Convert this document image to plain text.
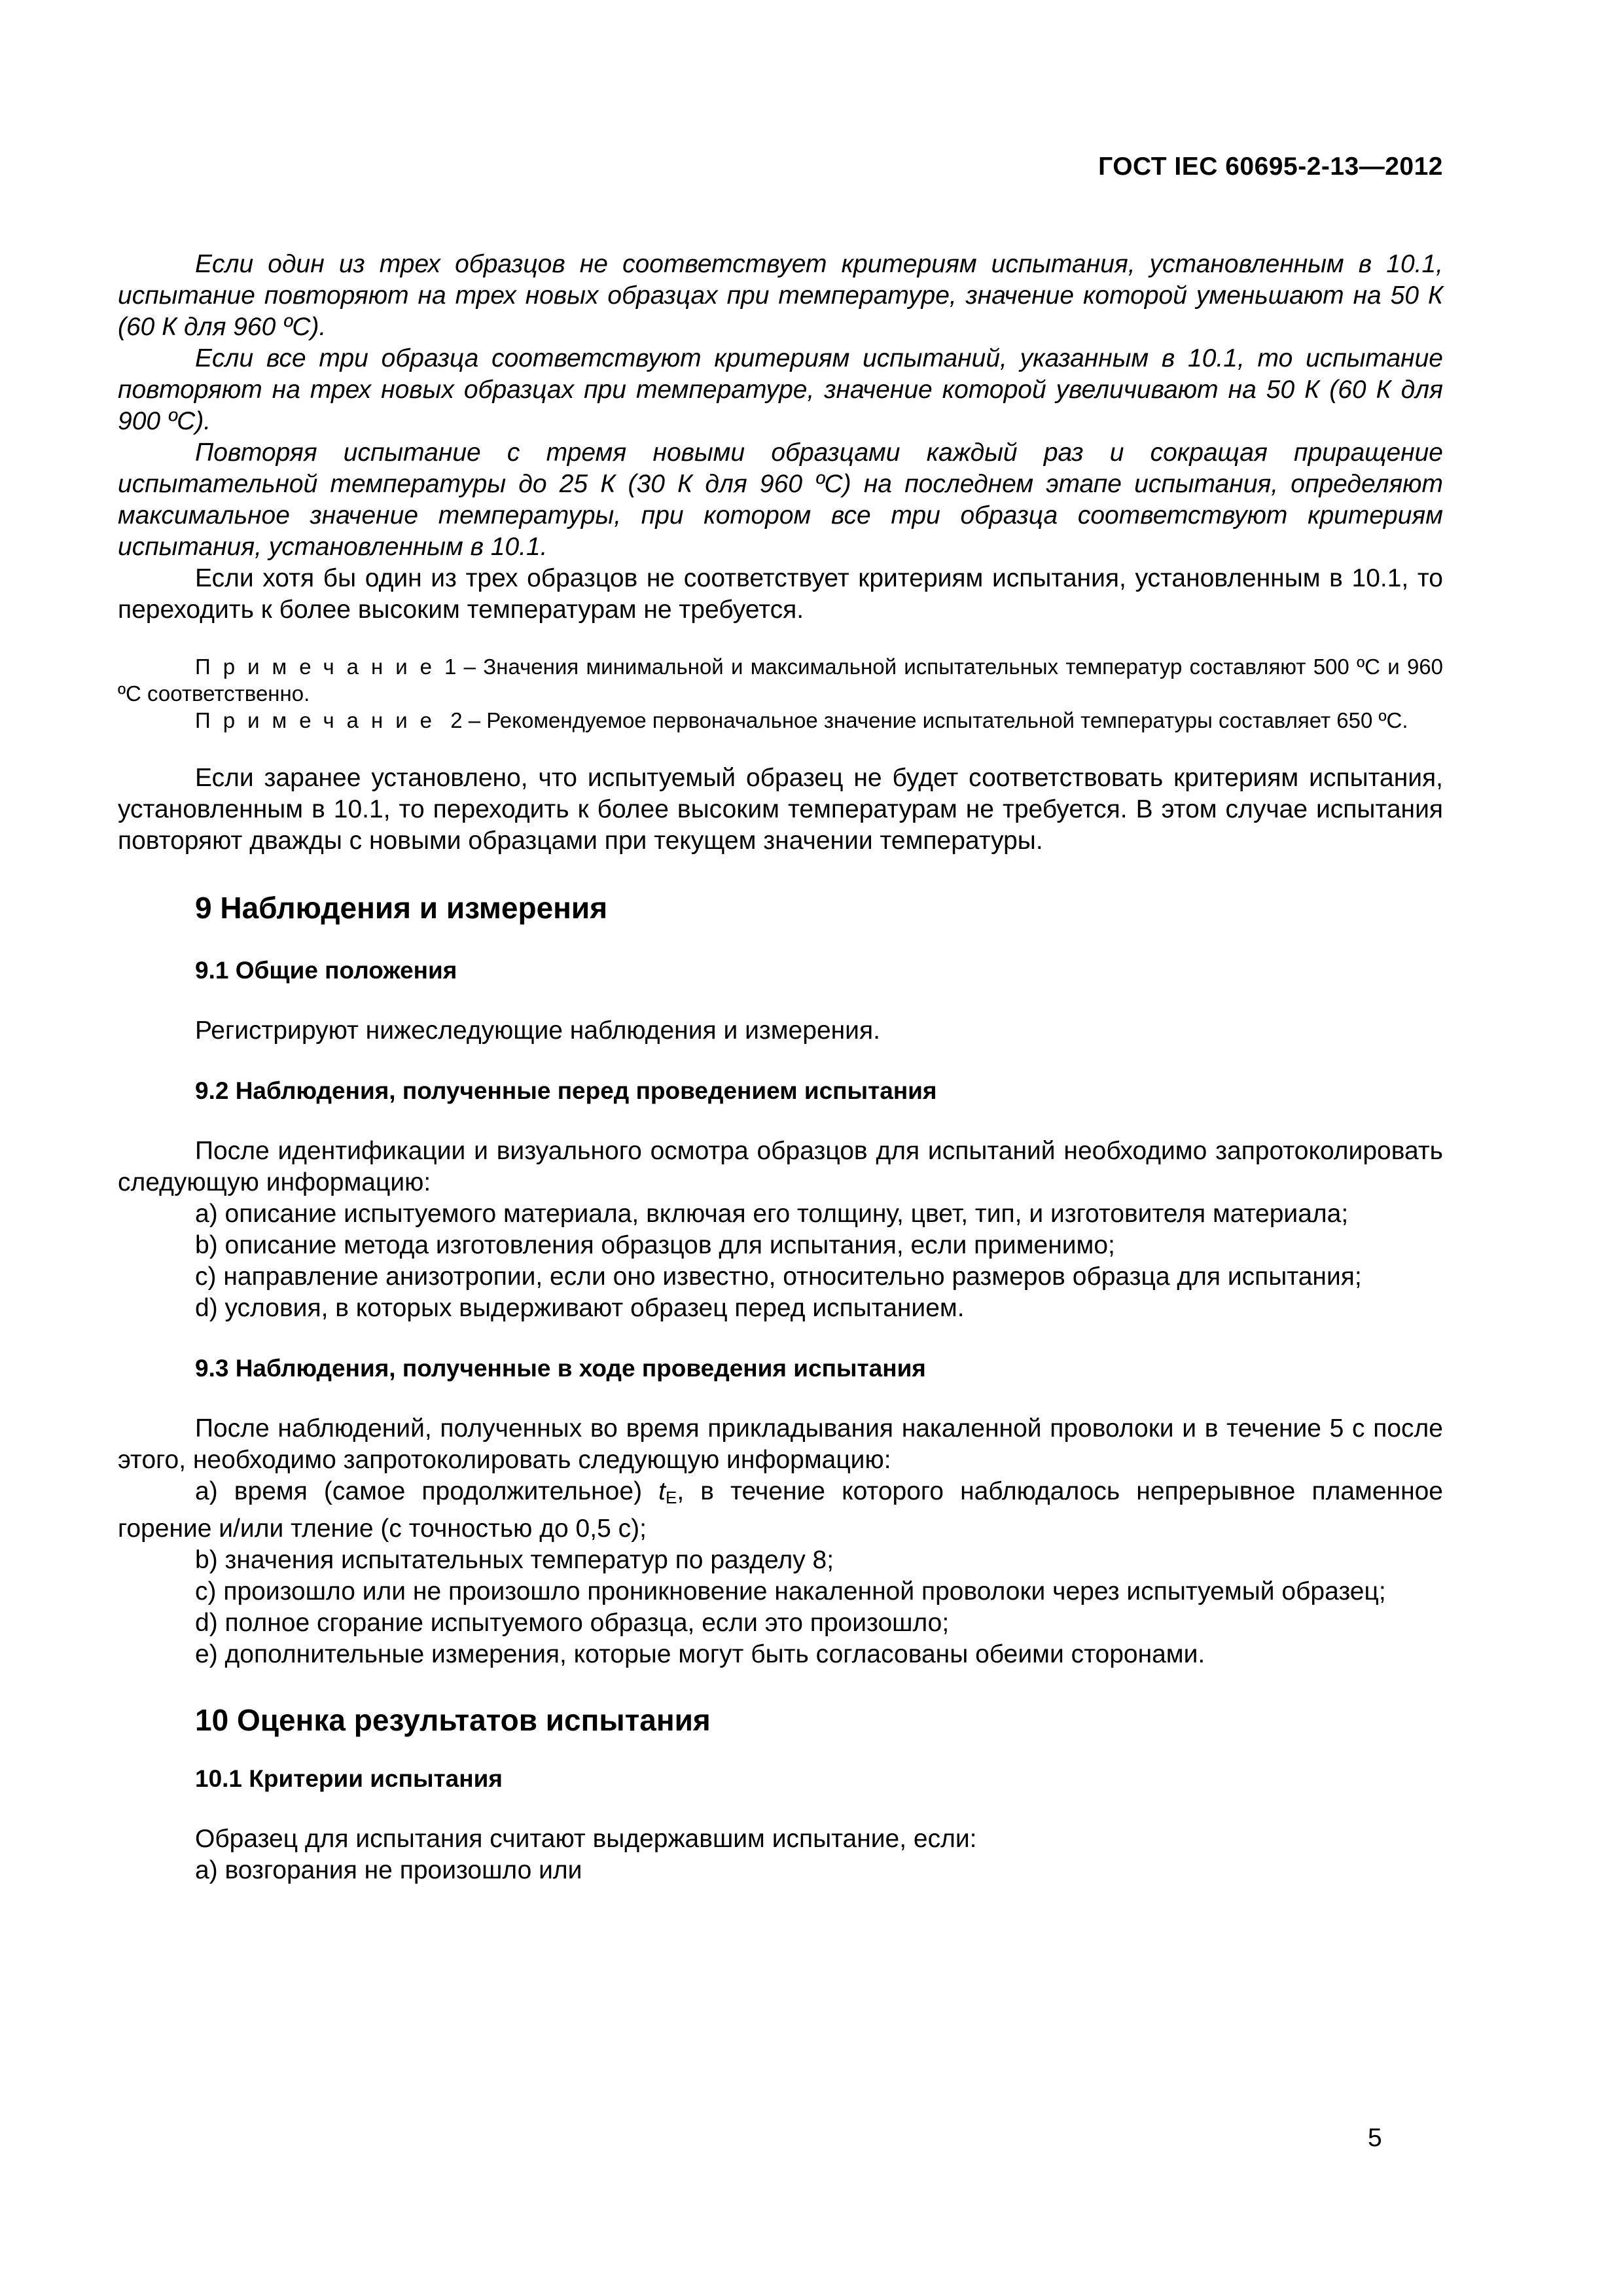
ГОСТ IEC 60695-2-13—2012

Если один из трех образцов не соответствует критериям испытания, установленным в 10.1, испытание повторяют на трех новых образцах при температуре, значение которой уменьшают на 50 К (60 К для 960 ºС).

Если все три образца соответствуют критериям испытаний, указанным в 10.1, то испытание повторяют на трех новых образцах при температуре, значение которой увеличивают на 50 К (60 К для 900 ºС).

Повторяя испытание с тремя новыми образцами каждый раз и сокращая приращение испытательной температуры до 25 К (30 К для 960 ºС) на последнем этапе испытания, определяют максимальное значение температуры, при котором все три образца соответствуют критериям испытания, установленным в 10.1.

Если хотя бы один из трех образцов не соответствует критериям испытания, установленным в 10.1, то переходить к более высоким температурам не требуется.

Примечание1 – Значения минимальной и максимальной испытательных температур составляют 500 ºС и 960 ºС соответственно.

Примечание 2 – Рекомендуемое первоначальное значение испытательной температуры составляет 650 ºС.

Если заранее установлено, что испытуемый образец не будет соответствовать критериям испытания, установленным в 10.1, то переходить к более высоким температурам не требуется. В этом случае испытания повторяют дважды с новыми образцами при текущем значении температуры.

9 Наблюдения и измерения
9.1 Общие положения

Регистрируют нижеследующие наблюдения и измерения.

9.2 Наблюдения, полученные перед проведением испытания

После идентификации и визуального осмотра образцов для испытаний необходимо запротоколировать следующую информацию:

а) описание испытуемого материала, включая его толщину, цвет, тип, и изготовителя материала;

b) описание метода изготовления образцов для испытания, если применимо;

с) направление анизотропии, если оно известно, относительно размеров образца для испытания;

d) условия, в которых выдерживают образец перед испытанием.

9.3 Наблюдения, полученные в ходе проведения испытания

После наблюдений, полученных во время прикладывания накаленной проволоки и в течение 5 с после этого, необходимо запротоколировать следующую информацию:

а) время (самое продолжительное) $t_E$, в течение которого наблюдалось непрерывное пламенное горение и/или тление (с точностью до 0,5 с);

b) значения испытательных температур по разделу 8;

с) произошло или не произошло проникновение накаленной проволоки через испытуемый образец;

d) полное сгорание испытуемого образца, если это произошло;

е) дополнительные измерения, которые могут быть согласованы обеими сторонами.

10 Оценка результатов испытания
10.1 Критерии испытания

Образец для испытания считают выдержавшим испытание, если:

а) возгорания не произошло или

5
